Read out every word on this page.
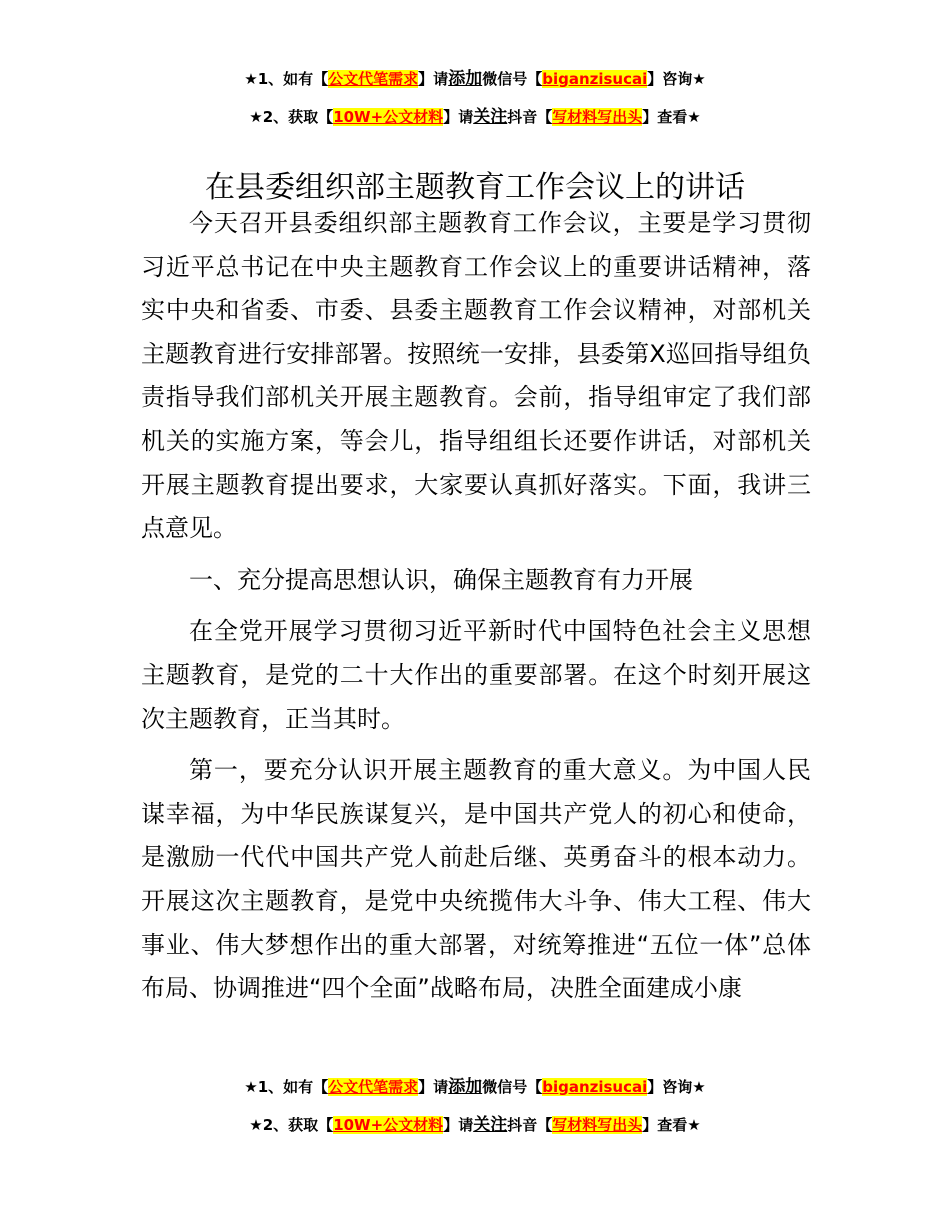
★1、如有【公文代笔需求】请添加微信号【biganzisucai】咨询★
★2、获取【10W+公文材料】请关注抖音【写材料写出头】查看★
在县委组织部主题教育工作会议上的讲话

今天召开县委组织部主题教育工作会议，主要是学习贯彻习近平总书记在中央主题教育工作会议上的重要讲话精神，落实中央和省委、市委、县委主题教育工作会议精神，对部机关主题教育进行安排部署。按照统一安排，县委第X巡回指导组负责指导我们部机关开展主题教育。会前，指导组审定了我们部机关的实施方案，等会儿，指导组组长还要作讲话，对部机关开展主题教育提出要求，大家要认真抓好落实。下面，我讲三点意见。

一、充分提高思想认识，确保主题教育有力开展

在全党开展学习贯彻习近平新时代中国特色社会主义思想主题教育，是党的二十大作出的重要部署。在这个时刻开展这次主题教育，正当其时。

第一，要充分认识开展主题教育的重大意义。为中国人民谋幸福，为中华民族谋复兴，是中国共产党人的初心和使命，是激励一代代中国共产党人前赴后继、英勇奋斗的根本动力。开展这次主题教育，是党中央统揽伟大斗争、伟大工程、伟大事业、伟大梦想作出的重大部署，对统筹推进“五位一体”总体布局、协调推进“四个全面”战略布局，决胜全面建成小康

★1、如有【公文代笔需求】请添加微信号【biganzisucai】咨询★
★2、获取【10W+公文材料】请关注抖音【写材料写出头】查看★
